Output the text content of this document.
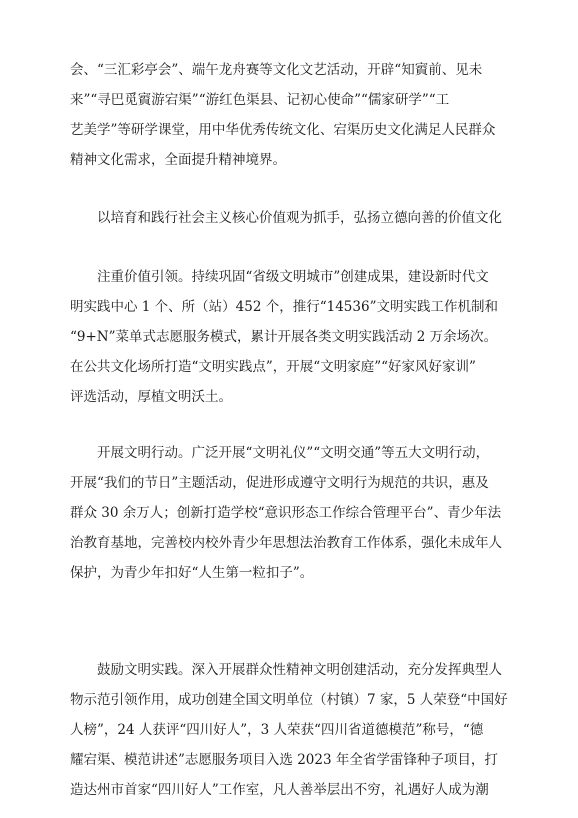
会、“三汇彩亭会”、端午龙舟赛等文化文艺活动，开辟“知賨前、见未
来”“寻巴觅賨游宕渠”“游红色渠县、记初心使命”“儒家研学”“工
艺美学”等研学课堂，用中华优秀传统文化、宕渠历史文化满足人民群众
精神文化需求，全面提升精神境界。

以培育和践行社会主义核心价值观为抓手，弘扬立德向善的价值文化

注重价值引领。持续巩固“省级文明城市”创建成果，建设新时代文
明实践中心 1 个、所（站）452 个，推行“14536”文明实践工作机制和
“9+N”菜单式志愿服务模式，累计开展各类文明实践活动 2 万余场次。
在公共文化场所打造“文明实践点”，开展“文明家庭”“好家风好家训”
评选活动，厚植文明沃土。

开展文明行动。广泛开展“文明礼仪”“文明交通”等五大文明行动，
开展“我们的节日”主题活动，促进形成遵守文明行为规范的共识，惠及
群众 30 余万人；创新打造学校“意识形态工作综合管理平台”、青少年法
治教育基地，完善校内校外青少年思想法治教育工作体系，强化未成年人
保护，为青少年扣好“人生第一粒扣子”。

鼓励文明实践。深入开展群众性精神文明创建活动，充分发挥典型人
物示范引领作用，成功创建全国文明单位（村镇）7 家，5 人荣登“中国好
人榜”，24 人获评“四川好人”，3 人荣获“四川省道德模范”称号，“德
耀宕渠、模范讲述”志愿服务项目入选 2023 年全省学雷锋种子项目，打
造达州市首家“四川好人”工作室，凡人善举层出不穷，礼遇好人成为潮
